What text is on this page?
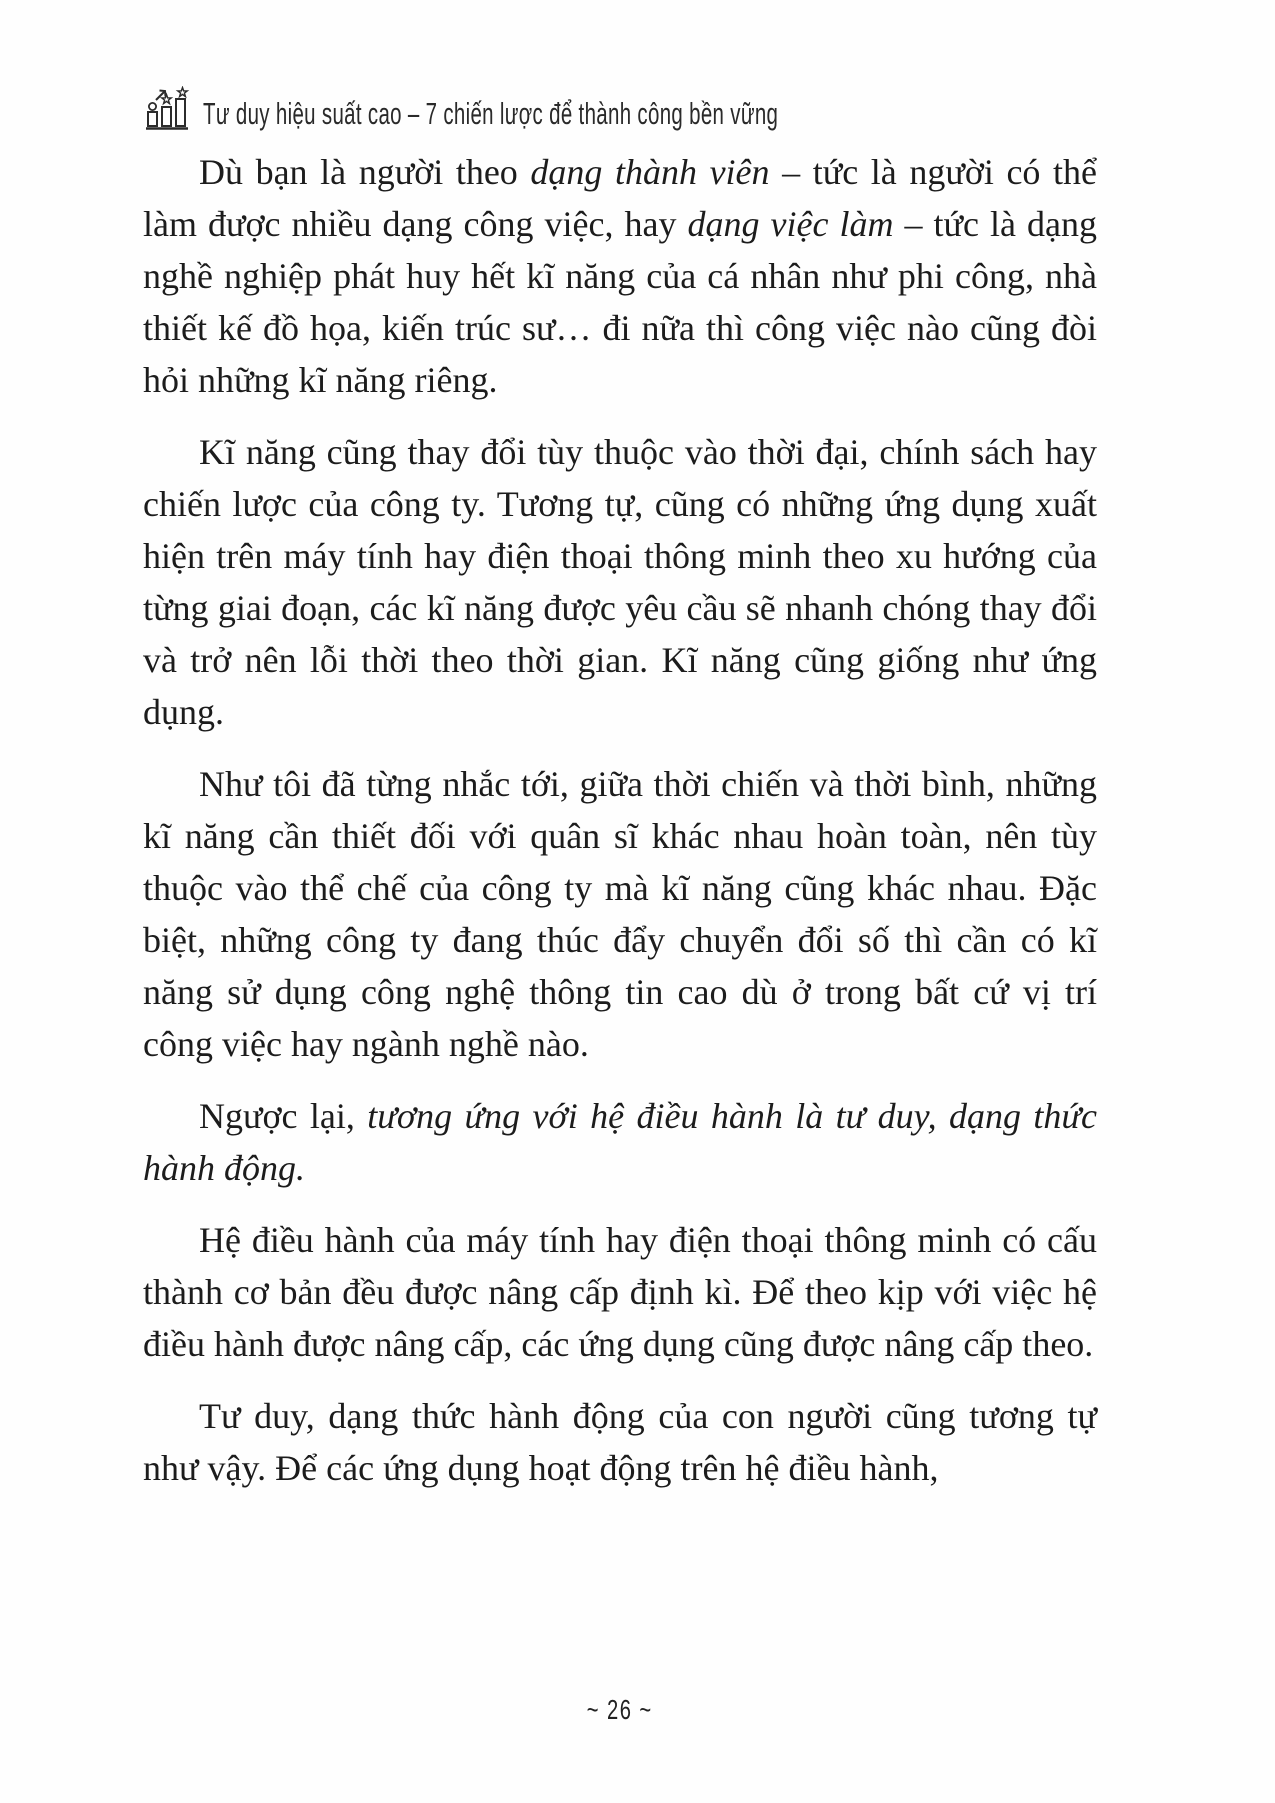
Tư duy hiệu suất cao – 7 chiến lược để thành công bền vững

Dù bạn là người theo dạng thành viên – tức là người có thể làm được nhiều dạng công việc, hay dạng việc làm – tức là dạng nghề nghiệp phát huy hết kĩ năng của cá nhân như phi công, nhà thiết kế đồ họa, kiến trúc sư… đi nữa thì công việc nào cũng đòi hỏi những kĩ năng riêng.

Kĩ năng cũng thay đổi tùy thuộc vào thời đại, chính sách hay chiến lược của công ty. Tương tự, cũng có những ứng dụng xuất hiện trên máy tính hay điện thoại thông minh theo xu hướng của từng giai đoạn, các kĩ năng được yêu cầu sẽ nhanh chóng thay đổi và trở nên lỗi thời theo thời gian. Kĩ năng cũng giống như ứng dụng.

Như tôi đã từng nhắc tới, giữa thời chiến và thời bình, những kĩ năng cần thiết đối với quân sĩ khác nhau hoàn toàn, nên tùy thuộc vào thể chế của công ty mà kĩ năng cũng khác nhau. Đặc biệt, những công ty đang thúc đẩy chuyển đổi số thì cần có kĩ năng sử dụng công nghệ thông tin cao dù ở trong bất cứ vị trí công việc hay ngành nghề nào.

Ngược lại, tương ứng với hệ điều hành là tư duy, dạng thức hành động.

Hệ điều hành của máy tính hay điện thoại thông minh có cấu thành cơ bản đều được nâng cấp định kì. Để theo kịp với việc hệ điều hành được nâng cấp, các ứng dụng cũng được nâng cấp theo.

Tư duy, dạng thức hành động của con người cũng tương tự như vậy. Để các ứng dụng hoạt động trên hệ điều hành,

~ 26 ~
